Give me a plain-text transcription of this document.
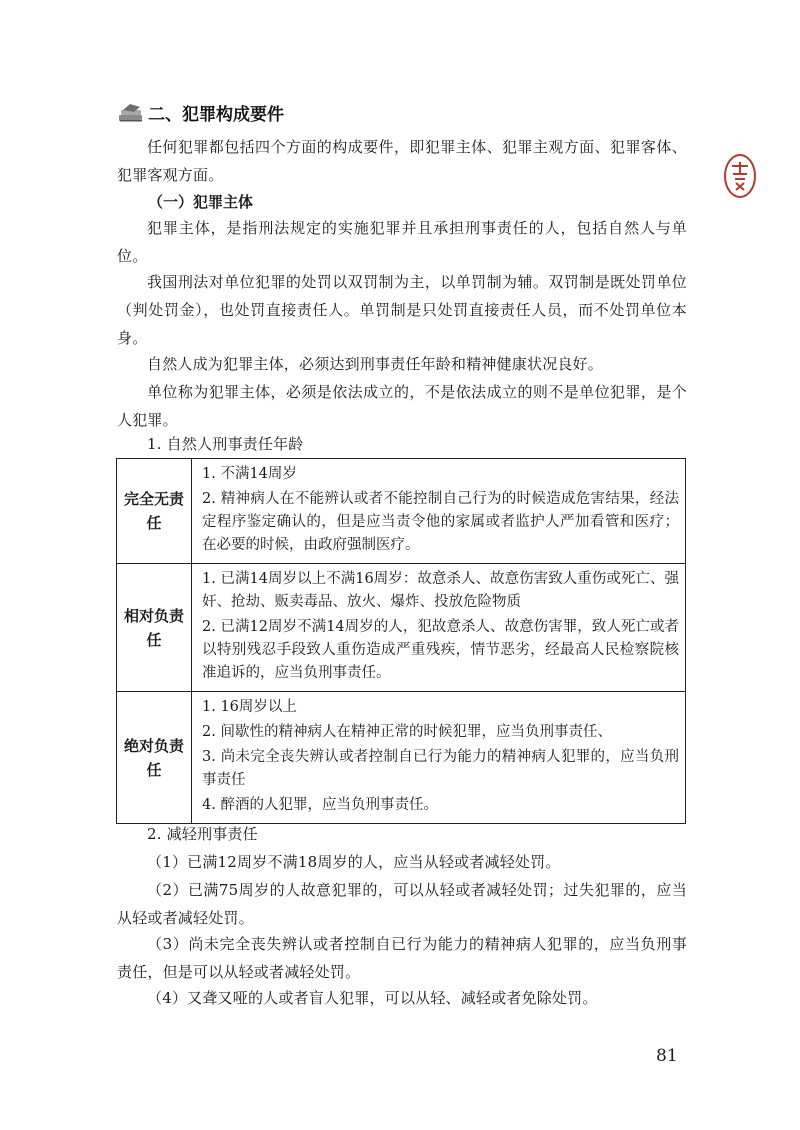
二、犯罪构成要件

任何犯罪都包括四个方面的构成要件，即犯罪主体、犯罪主观方面、犯罪客体、犯罪客观方面。

（一）犯罪主体

犯罪主体，是指刑法规定的实施犯罪并且承担刑事责任的人，包括自然人与单位。

我国刑法对单位犯罪的处罚以双罚制为主，以单罚制为辅。双罚制是既处罚单位（判处罚金），也处罚直接责任人。单罚制是只处罚直接责任人员，而不处罚单位本身。

自然人成为犯罪主体，必须达到刑事责任年龄和精神健康状况良好。

单位称为犯罪主体，必须是依法成立的，不是依法成立的则不是单位犯罪，是个人犯罪。

1. 自然人刑事责任年龄

完全无责任	1. 不满14周岁
2. 精神病人在不能辨认或者不能控制自己行为的时候造成危害结果，经法定程序鉴定确认的，但是应当责令他的家属或者监护人严加看管和医疗；在必要的时候，由政府强制医疗。

相对负责任	1. 已满14周岁以上不满16周岁：故意杀人、故意伤害致人重伤或死亡、强奸、抢劫、贩卖毒品、放火、爆炸、投放危险物质
2. 已满12周岁不满14周岁的人，犯故意杀人、故意伤害罪，致人死亡或者以特别残忍手段致人重伤造成严重残疾，情节恶劣，经最高人民检察院核准追诉的，应当负刑事责任。

绝对负责任	1. 16周岁以上
2. 间歇性的精神病人在精神正常的时候犯罪，应当负刑事责任、
3. 尚未完全丧失辨认或者控制自已行为能力的精神病人犯罪的，应当负刑事责任
4. 醉酒的人犯罪，应当负刑事责任。

2. 减轻刑事责任

（1）已满12周岁不满18周岁的人，应当从轻或者减轻处罚。

（2）已满75周岁的人故意犯罪的，可以从轻或者减轻处罚；过失犯罪的，应当从轻或者减轻处罚。

（3）尚未完全丧失辨认或者控制自已行为能力的精神病人犯罪的，应当负刑事责任，但是可以从轻或者减轻处罚。

（4）又聋又哑的人或者盲人犯罪，可以从轻、减轻或者免除处罚。

81
